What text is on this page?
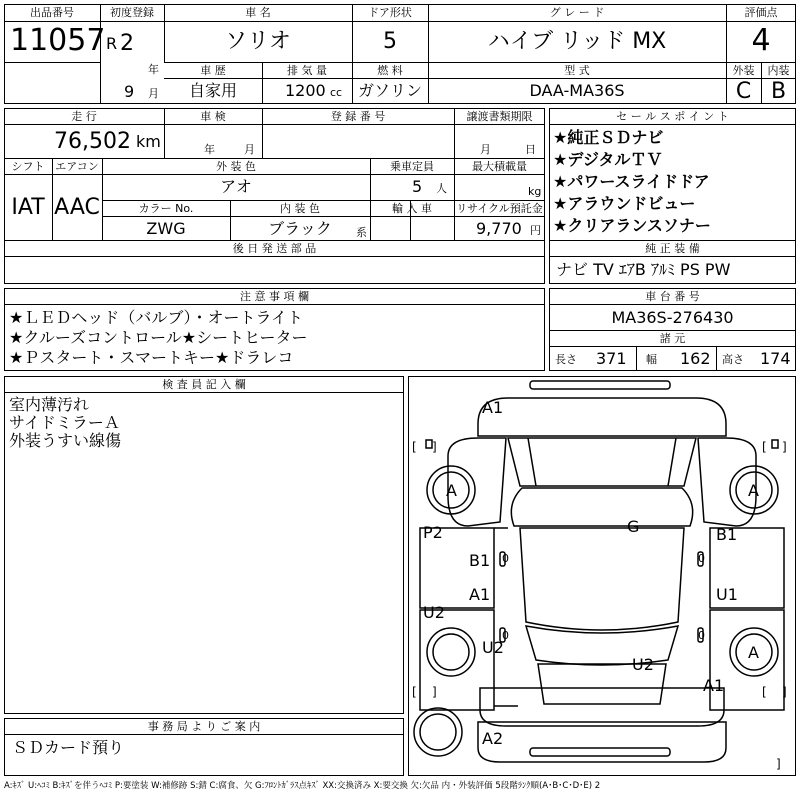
出品番号
11057
初度登録
R 2
年
9 月
車 名
ソリオ
ドア形状
5
グ レ ー ド
ハイブ リッド MX
評価点
4
車 歴
自家用
排 気 量
1200 cc
燃 料
ガソリン
型 式
DAA-MA36S
外装	内装
C B
走 行
76,502 km
車 検
年	月
登 録 番 号	譲渡書類期限
月	日
シフト
IAT
エアコン
AAC
外 装 色
アオ
乗車定員
5 人
最大積載量
kg
カラー No.
ZWG
内 装 色
ブラック	系
輸 入 車	リサイクル預託金
9,770 円
後 日 発 送 部 品
セ ー ル ス ポ イ ン ト
★純正ＳＤナビ
★デジタルＴＶ
★パワースライドドア
★アラウンドビュー
★クリアランスソナー
純 正 装 備
ナビ TV ｴｱB ｱﾙﾐ PS PW
注 意 事 項 欄
★ＬＥＤヘッド（バルブ）・オートライト
★クルーズコントロール★シートヒーター
★Ｐスタート・スマートキー★ドラレコ
車 台 番 号
MA36S-276430
諸 元
長さ 371 幅 162 高さ 174
検 査 員 記 入 欄
室内薄汚れ
サイドミラーＡ
外装うすい線傷
事 務 局 よ り ご 案 内
ＳＤカード預り
[ ]	[ ]
[ ]	[ ]
]
A1
A	A
A
P2
B1
A1
U2
U2
G	B1
U1
U2
A1
A2
0
0
0
0
A:ｷｽﾞ U:ﾍｺﾐ B:ｷｽﾞを伴うﾍｺﾐ P:要塗装 W:補修跡 S:錆 C:腐食、欠 G:ﾌﾛﾝﾄｶﾞﾗｽ点ｷｽﾞ XX:交換済み X:要交換 欠:欠品 内・外装評価 5段階ﾗﾝｸ順(A･B･C･D･E) 2
